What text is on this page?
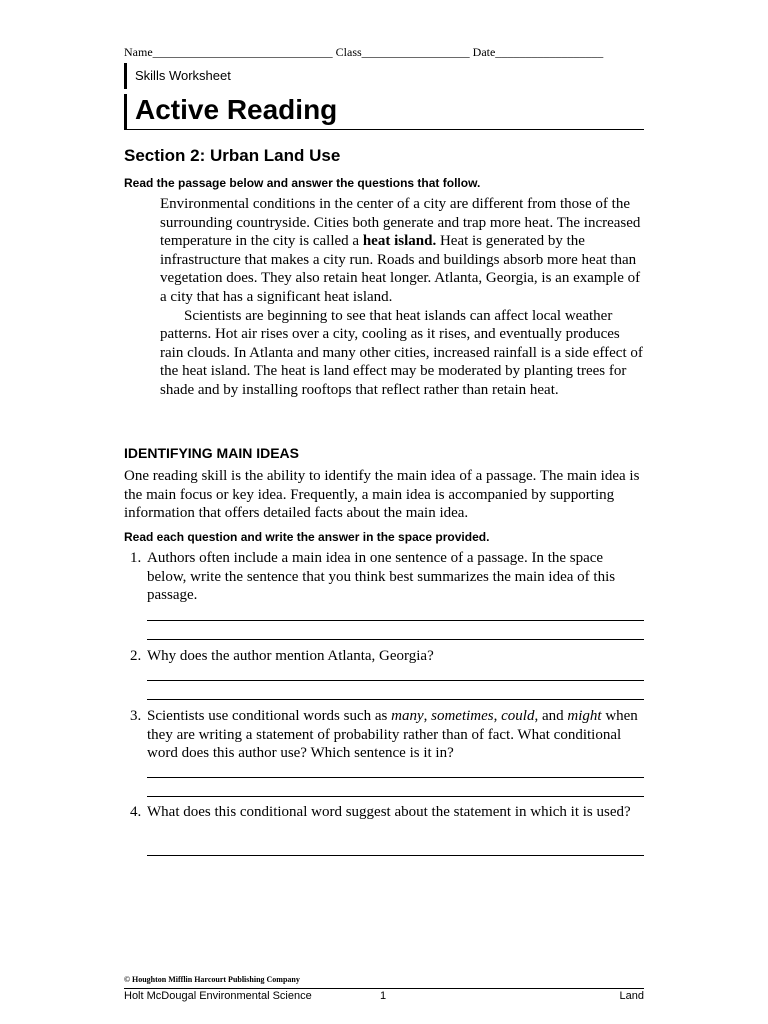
Name______________________________ Class__________________ Date__________________
Skills Worksheet
Active Reading
Section 2: Urban Land Use
Read the passage below and answer the questions that follow.

Environmental conditions in the center of a city are different from those of the surrounding countryside. Cities both generate and trap more heat. The increased temperature in the city is called a heat island. Heat is generated by the infrastructure that makes a city run. Roads and buildings absorb more heat than vegetation does. They also retain heat longer. Atlanta, Georgia, is an example of a city that has a significant heat island.

Scientists are beginning to see that heat islands can affect local weather patterns. Hot air rises over a city, cooling as it rises, and eventually produces rain clouds. In Atlanta and many other cities, increased rainfall is a side effect of the heat island. The heat is land effect may be moderated by planting trees for shade and by installing rooftops that reflect rather than retain heat.

IDENTIFYING MAIN IDEAS
One reading skill is the ability to identify the main idea of a passage. The main idea is the main focus or key idea. Frequently, a main idea is accompanied by supporting information that offers detailed facts about the main idea.
Read each question and write the answer in the space provided.
1. Authors often include a main idea in one sentence of a passage. In the space below, write the sentence that you think best summarizes the main idea of this passage.
2. Why does the author mention Atlanta, Georgia?
3. Scientists use conditional words such as many, sometimes, could, and might when they are writing a statement of probability rather than of fact. What conditional word does this author use? Which sentence is it in?
4. What does this conditional word suggest about the statement in which it is used?
© Houghton Mifflin Harcourt Publishing Company
Holt McDougal Environmental Science	1	Land
